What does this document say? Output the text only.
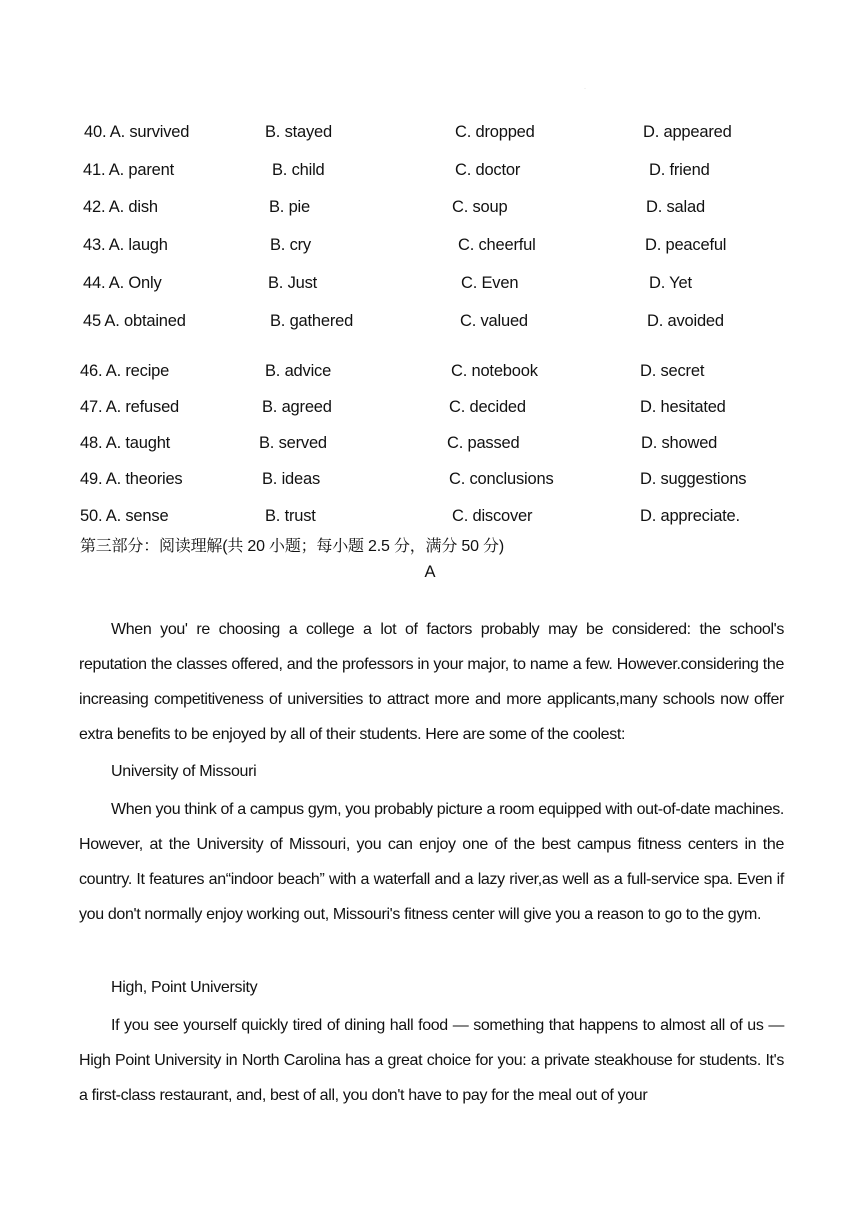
·
40. A. survived	B. stayed	C. dropped	D. appeared
41. A. parent	B. child	C. doctor	D. friend
42. A. dish	B. pie	C. soup	D. salad
43. A. laugh	B. cry	C. cheerful	D. peaceful
44. A. Only	B. Just	C. Even	D. Yet
45 A. obtained	B. gathered	C. valued	D. avoided
46. A. recipe	B. advice	C. notebook	D. secret
47. A. refused	B. agreed	C. decided	D. hesitated
48. A. taught	B. served	C. passed	D. showed
49. A. theories	B. ideas	C. conclusions	D. suggestions
50. A. sense	B. trust	C. discover	D. appreciate.
第三部分：阅读理解(共 20 小题；每小题 2.5 分，满分 50 分)
A
When you' re choosing a college a lot of factors probably may be considered: the school's reputation the classes offered, and the professors in your major, to name a few. However.considering the increasing competitiveness of universities to attract more and more applicants,many schools now offer extra benefits to be enjoyed by all of their students. Here are some of the coolest:
University of Missouri
When you think of a campus gym, you probably picture a room equipped with out-of-date machines. However, at the University of Missouri, you can enjoy one of the best campus fitness centers in the country. It features an“indoor beach” with a waterfall and a lazy river,as well as a full-service spa. Even if you don't normally enjoy working out, Missouri's fitness center will give you a reason to go to the gym.
High, Point University
If you see yourself quickly tired of dining hall food — something that happens to almost all of us — High Point University in North Carolina has a great choice for you: a private steakhouse for students. It's a first-class restaurant, and, best of all, you don't have to pay for the meal out of your
